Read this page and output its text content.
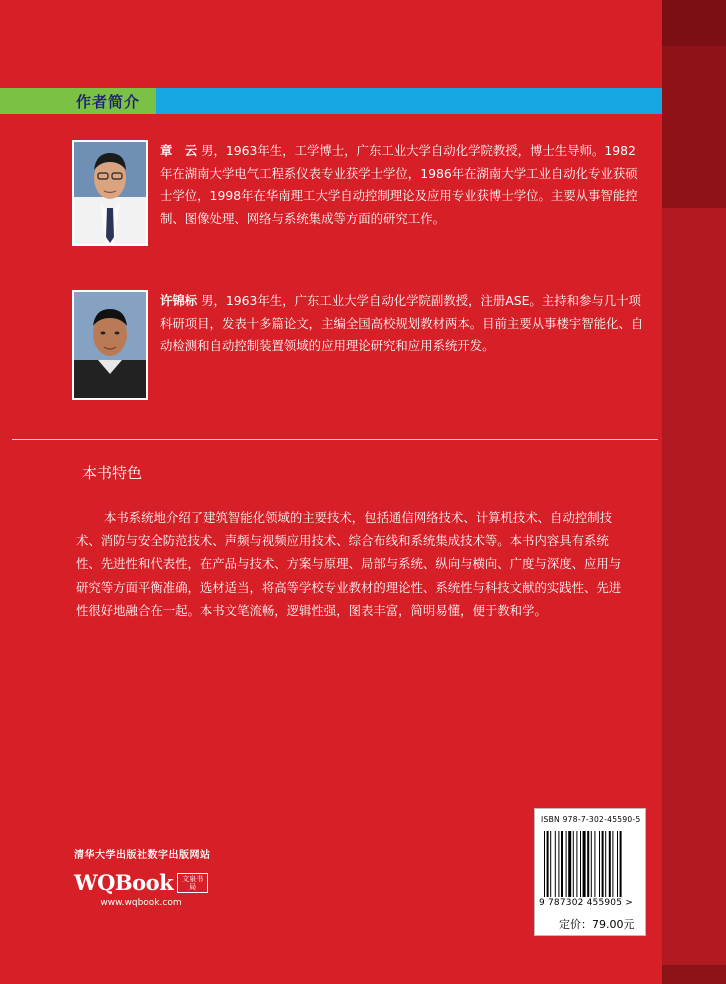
作者简介
章　云 男，1963年生，工学博士，广东工业大学自动化学院教授，博士生导师。1982年在湖南大学电气工程系仪表专业获学士学位，1986年在湖南大学工业自动化专业获硕士学位，1998年在华南理工大学自动控制理论及应用专业获博士学位。主要从事智能控制、图像处理、网络与系统集成等方面的研究工作。
许锦标 男，1963年生，广东工业大学自动化学院副教授，注册ASE。主持和参与几十项科研项目，发表十多篇论文，主编全国高校规划教材两本。目前主要从事楼宇智能化、自动检测和自动控制装置领域的应用理论研究和应用系统开发。
本书特色
本书系统地介绍了建筑智能化领域的主要技术，包括通信网络技术、计算机技术、自动控制技术、消防与安全防范技术、声频与视频应用技术、综合布线和系统集成技术等。本书内容具有系统性、先进性和代表性，在产品与技术、方案与原理、局部与系统、纵向与横向、广度与深度、应用与研究等方面平衡准确，选材适当，将高等学校专业教材的理论性、系统性与科技文献的实践性、先进性很好地融合在一起。本书文笔流畅，逻辑性强，图表丰富，简明易懂，便于教和学。
清华大学出版社数字出版网站
WQBook	文泉书局
www.wqbook.com
ISBN 978-7-302-45590-5
9 787302 455905 >
定价：79.00元
